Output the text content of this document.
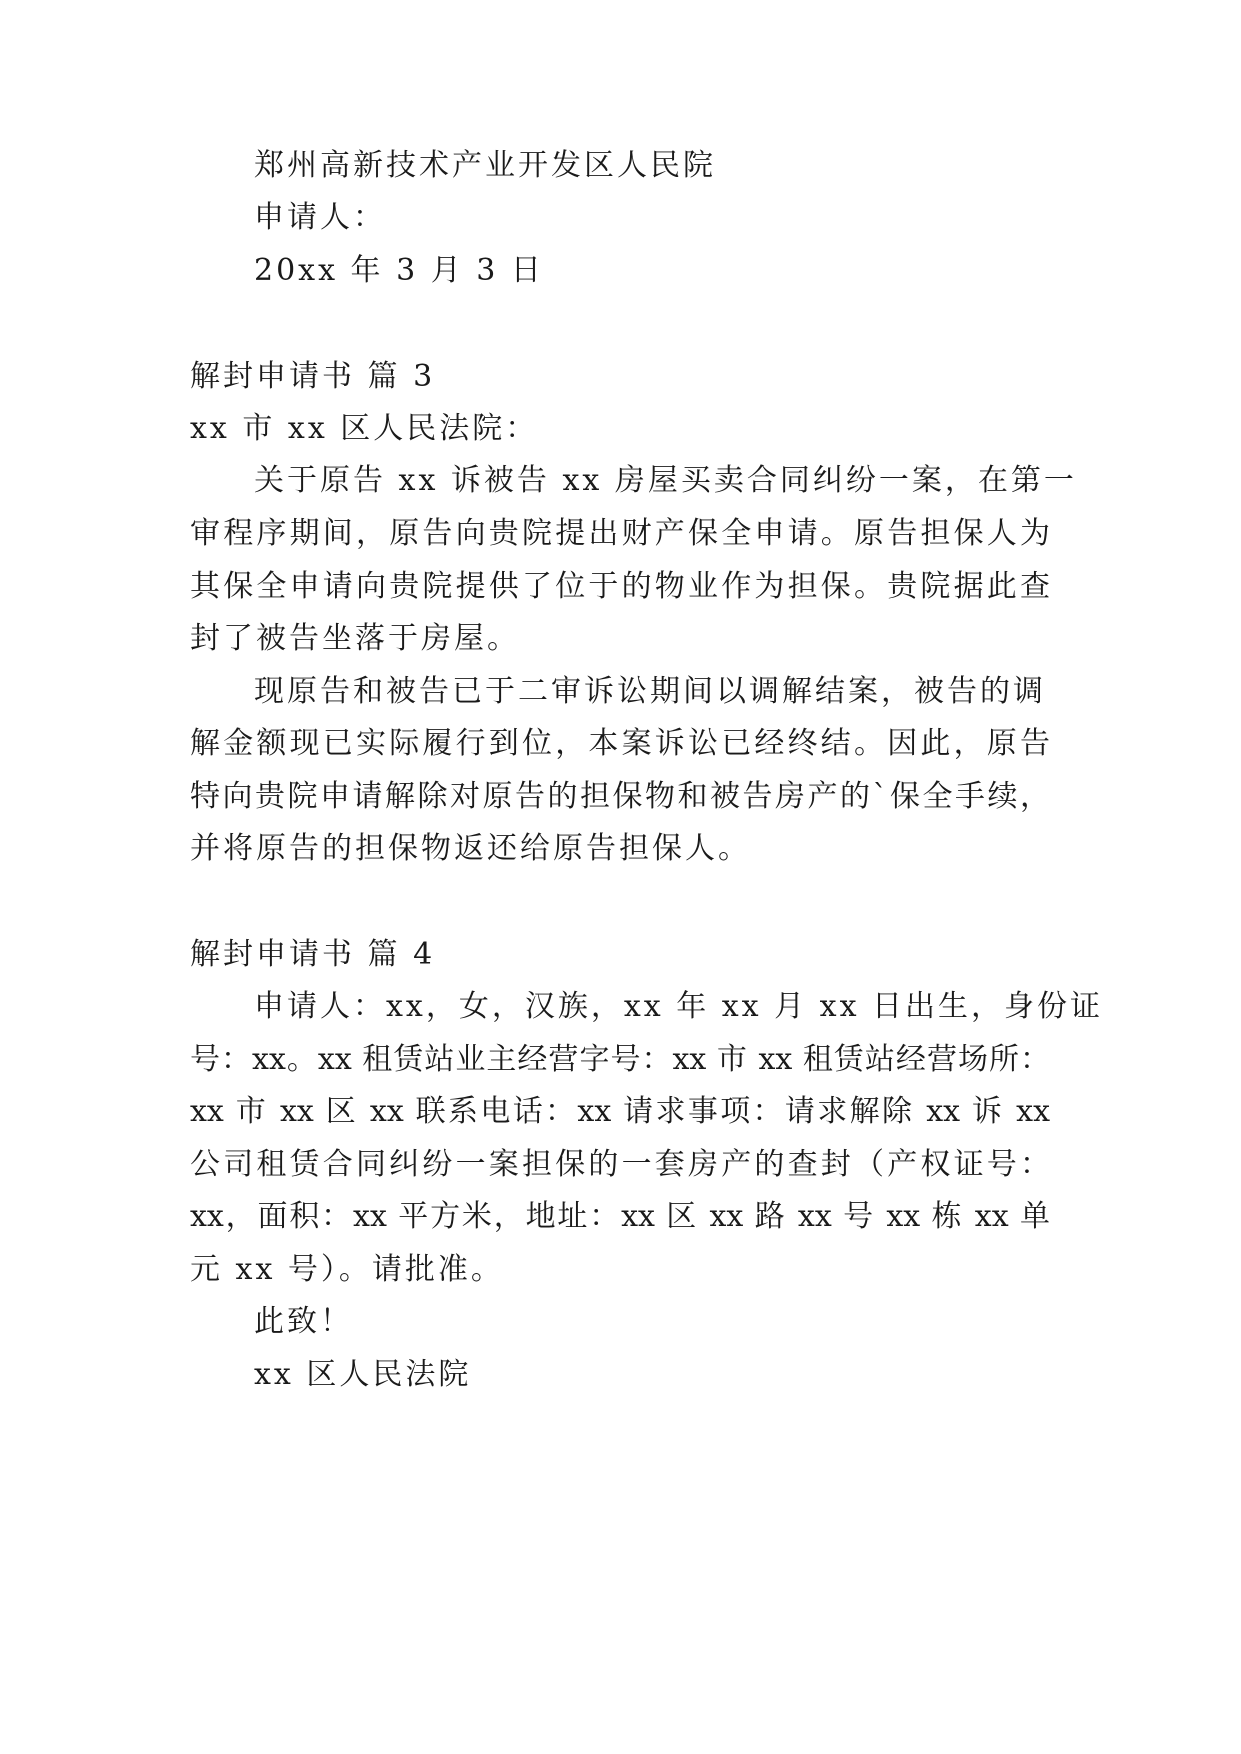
郑州高新技术产业开发区人民院

申请人：

20xx 年 3 月 3 日

解封申请书 篇 3

xx 市 xx 区人民法院：

关于原告 xx 诉被告 xx 房屋买卖合同纠纷一案，在第一

审程序期间，原告向贵院提出财产保全申请。原告担保人为

其保全申请向贵院提供了位于的物业作为担保。贵院据此查

封了被告坐落于房屋。

现原告和被告已于二审诉讼期间以调解结案，被告的调

解金额现已实际履行到位，本案诉讼已经终结。因此，原告

特向贵院申请解除对原告的担保物和被告房产的`保全手续，

并将原告的担保物返还给原告担保人。

解封申请书 篇 4

申请人：xx，女，汉族，xx 年 xx 月 xx 日出生，身份证

号：xx。xx 租赁站业主经营字号：xx 市 xx 租赁站经营场所：

xx 市 xx 区 xx 联系电话：xx 请求事项：请求解除 xx 诉 xx

公司租赁合同纠纷一案担保的一套房产的查封（产权证号：

xx，面积：xx 平方米，地址：xx 区 xx 路 xx 号 xx 栋 xx 单

元 xx 号）。请批准。

此致！

xx 区人民法院
